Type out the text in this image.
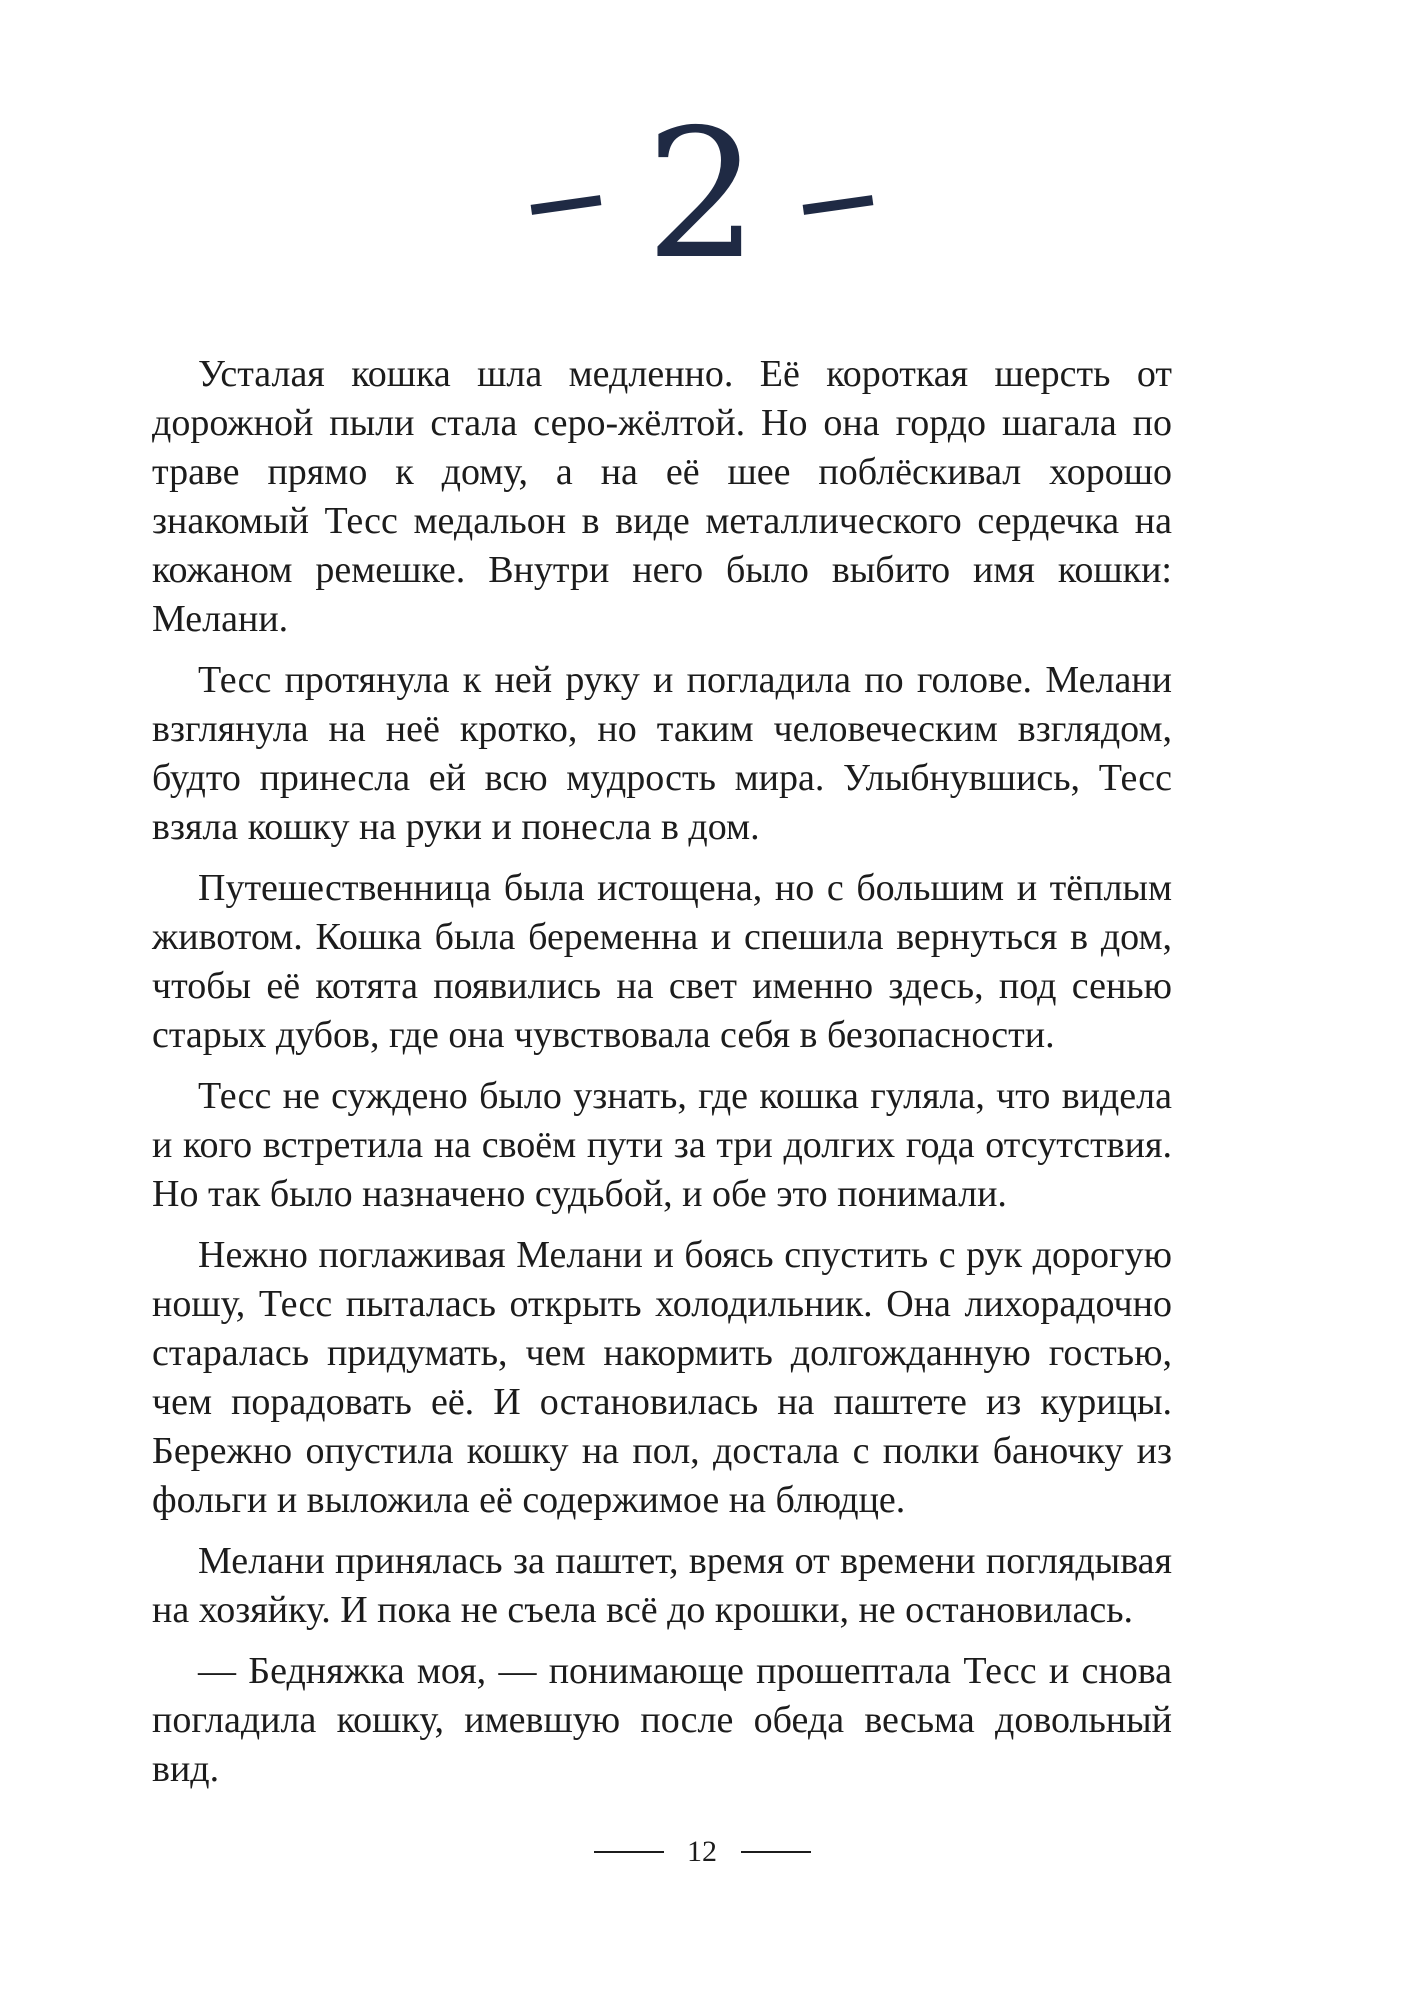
2

Усталая кошка шла медленно. Её короткая шерсть от дорожной пыли стала серо-жёлтой. Но она гордо шагала по траве прямо к дому, а на её шее поблёскивал хорошо знакомый Тесс медальон в виде металлического сердечка на кожаном ремешке. Внутри него было выбито имя кошки: Мелани.

Тесс протянула к ней руку и погладила по голове. Мелани взглянула на неё кротко, но таким человеческим взглядом, будто принесла ей всю мудрость мира. Улыбнувшись, Тесс взяла кошку на руки и понесла в дом.

Путешественница была истощена, но с большим и тёплым животом. Кошка была беременна и спешила вернуться в дом, чтобы её котята появились на свет именно здесь, под сенью старых дубов, где она чувствовала себя в безопасности.

Тесс не суждено было узнать, где кошка гуляла, что видела и кого встретила на своём пути за три долгих года отсутствия. Но так было назначено судьбой, и обе это понимали.

Нежно поглаживая Мелани и боясь спустить с рук дорогую ношу, Тесс пыталась открыть холодильник. Она лихорадочно старалась придумать, чем накормить долгожданную гостью, чем порадовать её. И остановилась на паштете из курицы. Бережно опустила кошку на пол, достала с полки баночку из фольги и выложила её содержимое на блюдце.

Мелани принялась за паштет, время от времени поглядывая на хозяйку. И пока не съела всё до крошки, не остановилась.

— Бедняжка моя, — понимающе прошептала Тесс и снова погладила кошку, имевшую после обеда весьма довольный вид.

12
